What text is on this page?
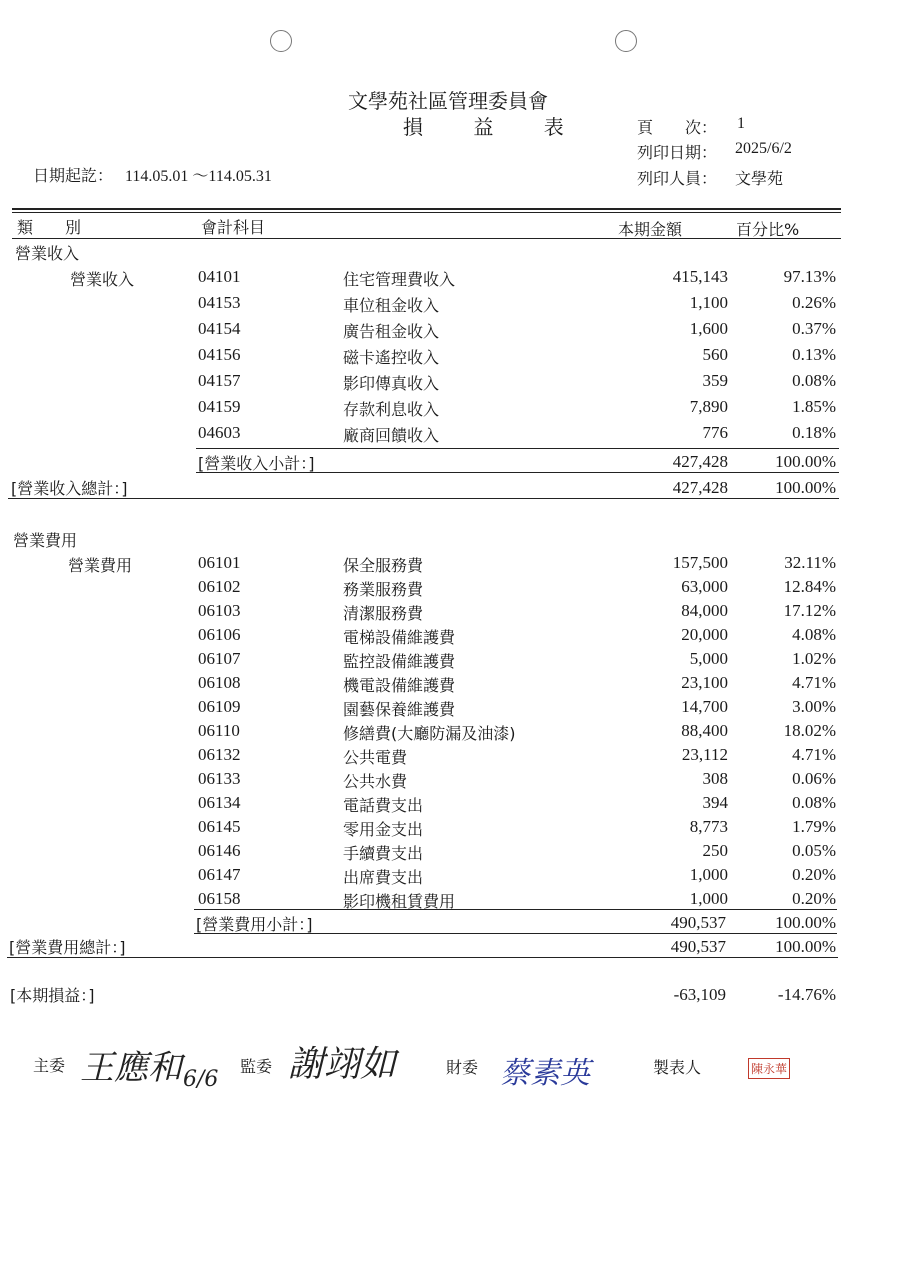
文學苑社區管理委員會
損 益 表	頁　　次： 1
列印日期： 2025/6/2
列印人員： 文學苑
日期起訖： 114.05.01 ～114.05.31
類　　別	會計科目	本期金額	百分比%
營業收入
營業收入	04101	住宅管理費收入	415,143	97.13%
04153	車位租金收入	1,100	0.26%
04154	廣告租金收入	1,600	0.37%
04156	磁卡遙控收入	560	0.13%
04157	影印傳真收入	359	0.08%
04159	存款利息收入	7,890	1.85%
04603	廠商回饋收入	776	0.18%
[營業收入小計：]	427,428	100.00%
[營業收入總計：]	427,428	100.00%
營業費用
營業費用	06101	保全服務費	157,500	32.11%
06102	務業服務費	63,000	12.84%
06103	清潔服務費	84,000	17.12%
06106	電梯設備維護費	20,000	4.08%
06107	監控設備維護費	5,000	1.02%
06108	機電設備維護費	23,100	4.71%
06109	園藝保養維護費	14,700	3.00%
06110	修繕費(大廳防漏及油漆)	88,400	18.02%
06132	公共電費	23,112	4.71%
06133	公共水費	308	0.06%
06134	電話費支出	394	0.08%
06145	零用金支出	8,773	1.79%
06146	手續費支出	250	0.05%
06147	出席費支出	1,000	0.20%
06158	影印機租賃費用	1,000	0.20%
[營業費用小計：]	490,537	100.00%
[營業費用總計：]	490,537	100.00%
[本期損益：]	-63,109	-14.76%
主委 王應和 6/6
監委 謝翊如	財委 蔡素英	製表人	陳永華
